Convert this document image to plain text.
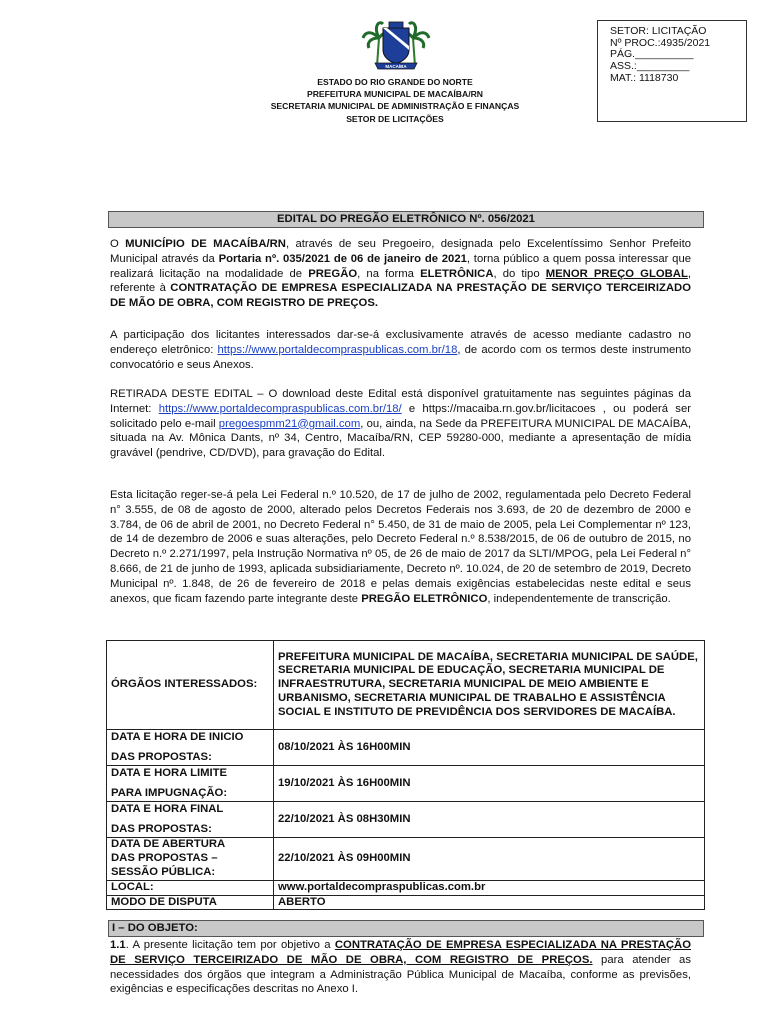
MACAÍBA
ESTADO DO RIO GRANDE DO NORTE
PREFEITURA MUNICIPAL DE MACAÍBA/RN
SECRETARIA MUNICIPAL DE ADMINISTRAÇÃO E FINANÇAS
SETOR DE LICITAÇÕES
SETOR: LICITAÇÃO
Nº PROC.:4935/2021
PÁG.__________
ASS.:_________
MAT.: 1118730
EDITAL DO PREGÃO ELETRÔNICO Nº. 056/2021
O MUNICÍPIO DE MACAÍBA/RN, através de seu Pregoeiro, designada pelo Excelentíssimo Senhor Prefeito Municipal através da Portaria nº. 035/2021 de 06 de janeiro de 2021, torna público a quem possa interessar que realizará licitação na modalidade de PREGÃO, na forma ELETRÔNICA, do tipo MENOR PREÇO GLOBAL, referente à CONTRATAÇÃO DE EMPRESA ESPECIALIZADA NA PRESTAÇÃO DE SERVIÇO TERCEIRIZADO DE MÃO DE OBRA, COM REGISTRO DE PREÇOS.
A participação dos licitantes interessados dar-se-á exclusivamente através de acesso mediante cadastro no endereço eletrônico: https://www.portaldecompraspublicas.com.br/18, de acordo com os termos deste instrumento convocatório e seus Anexos.
RETIRADA DESTE EDITAL – O download deste Edital está disponível gratuitamente nas seguintes páginas da Internet: https://www.portaldecompraspublicas.com.br/18/ e https://macaiba.rn.gov.br/licitacoes , ou poderá ser solicitado pelo e-mail pregoespmm21@gmail.com, ou, ainda, na Sede da PREFEITURA MUNICIPAL DE MACAÍBA, situada na Av. Mônica Dants, nº 34, Centro, Macaíba/RN, CEP 59280-000, mediante a apresentação de mídia gravável (pendrive, CD/DVD), para gravação do Edital.
Esta licitação reger-se-á pela Lei Federal n.º 10.520, de 17 de julho de 2002, regulamentada pelo Decreto Federal n° 3.555, de 08 de agosto de 2000, alterado pelos Decretos Federais nos 3.693, de 20 de dezembro de 2000 e 3.784, de 06 de abril de 2001, no Decreto Federal n° 5.450, de 31 de maio de 2005, pela Lei Complementar nº 123, de 14 de dezembro de 2006 e suas alterações, pelo Decreto Federal n.º 8.538/2015, de 06 de outubro de 2015, no Decreto n.º 2.271/1997, pela Instrução Normativa nº 05, de 26 de maio de 2017 da SLTI/MPOG, pela Lei Federal n° 8.666, de 21 de junho de 1993, aplicada subsidiariamente, Decreto nº. 10.024, de 20 de setembro de 2019, Decreto Municipal nº. 1.848, de 26 de fevereiro de 2018 e pelas demais exigências estabelecidas neste edital e seus anexos, que ficam fazendo parte integrante deste PREGÃO ELETRÔNICO, independentemente de transcrição.
ÓRGÃOS INTERESSADOS:	PREFEITURA MUNICIPAL DE MACAÍBA, SECRETARIA MUNICIPAL DE SAÚDE, SECRETARIA MUNICIPAL DE EDUCAÇÃO, SECRETARIA MUNICIPAL DE INFRAESTRUTURA, SECRETARIA MUNICIPAL DE MEIO AMBIENTE E URBANISMO, SECRETARIA MUNICIPAL DE TRABALHO E ASSISTÊNCIA SOCIAL E INSTITUTO DE PREVIDÊNCIA DOS SERVIDORES DE MACAÍBA.

DATA E HORA DE INICIO
DAS PROPOSTAS:	08/10/2021 ÀS 16H00MIN

DATA E HORA LIMITE
PARA IMPUGNAÇÃO:	19/10/2021 ÀS 16H00MIN

DATA E HORA FINAL
DAS PROPOSTAS:	22/10/2021 ÀS 08H30MIN

DATA DE ABERTURA
DAS PROPOSTAS –
SESSÃO PÚBLICA:	22/10/2021 ÀS 09H00MIN
LOCAL:	www.portaldecompraspublicas.com.br
MODO DE DISPUTA	ABERTO
I – DO OBJETO:
1.1. A presente licitação tem por objetivo a CONTRATAÇÃO DE EMPRESA ESPECIALIZADA NA PRESTAÇÃO DE SERVIÇO TERCEIRIZADO DE MÃO DE OBRA, COM REGISTRO DE PREÇOS. para atender as necessidades dos órgãos que integram a Administração Pública Municipal de Macaíba, conforme as previsões, exigências e especificações descritas no Anexo I.
